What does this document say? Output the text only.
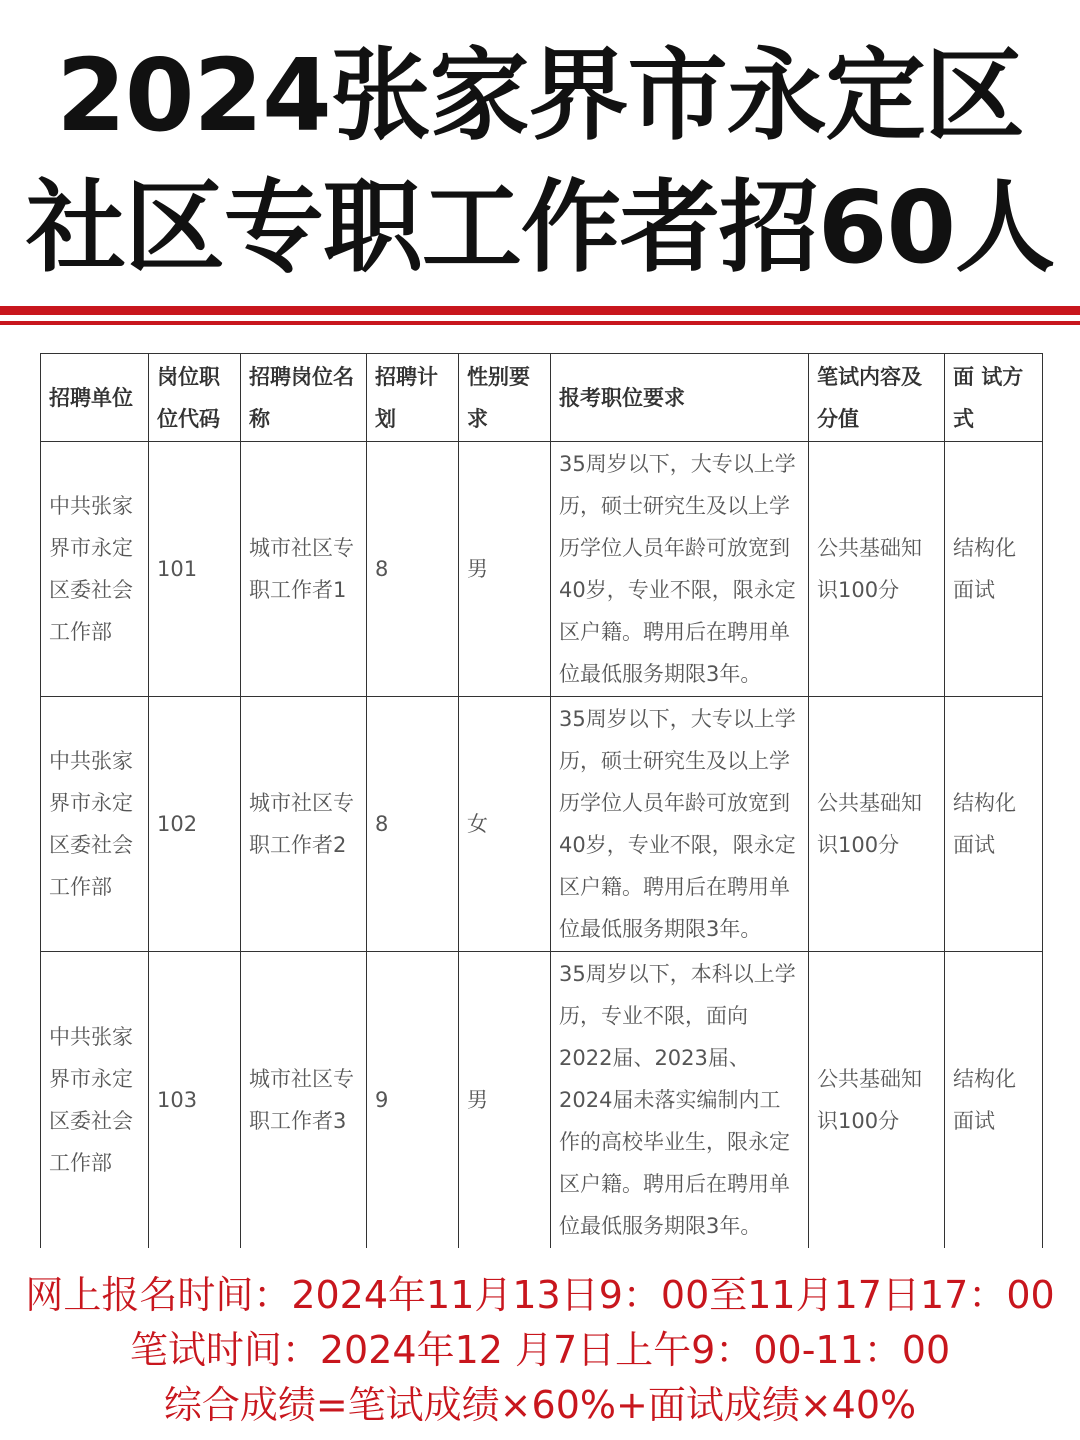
2024张家界市永定区
社区专职工作者招60人
招聘单位	岗位职位代码	招聘岗位名称	招聘计划	性别要求	报考职位要求	笔试内容及分值	面 试方 式
中共张家界市永定区委社会工作部	101	城市社区专职工作者1	8	男	35周岁以下，大专以上学历，硕士研究生及以上学历学位人员年龄可放宽到40岁，专业不限，限永定区户籍。聘用后在聘用单位最低服务期限3年。	公共基础知识100分	结构化面试
中共张家界市永定区委社会工作部	102	城市社区专职工作者2	8	女	35周岁以下，大专以上学历，硕士研究生及以上学历学位人员年龄可放宽到40岁，专业不限，限永定区户籍。聘用后在聘用单位最低服务期限3年。	公共基础知识100分	结构化面试
中共张家界市永定区委社会工作部	103	城市社区专职工作者3	9	男	35周岁以下，本科以上学历，专业不限，面向2022届、2023届、2024届未落实编制内工作的高校毕业生，限永定区户籍。聘用后在聘用单位最低服务期限3年。	公共基础知识100分	结构化面试
网上报名时间：2024年11月13日9：00至11月17日17：00
笔试时间：2024年12 月7日上午9：00-11：00
综合成绩=笔试成绩×60%+面试成绩×40%
